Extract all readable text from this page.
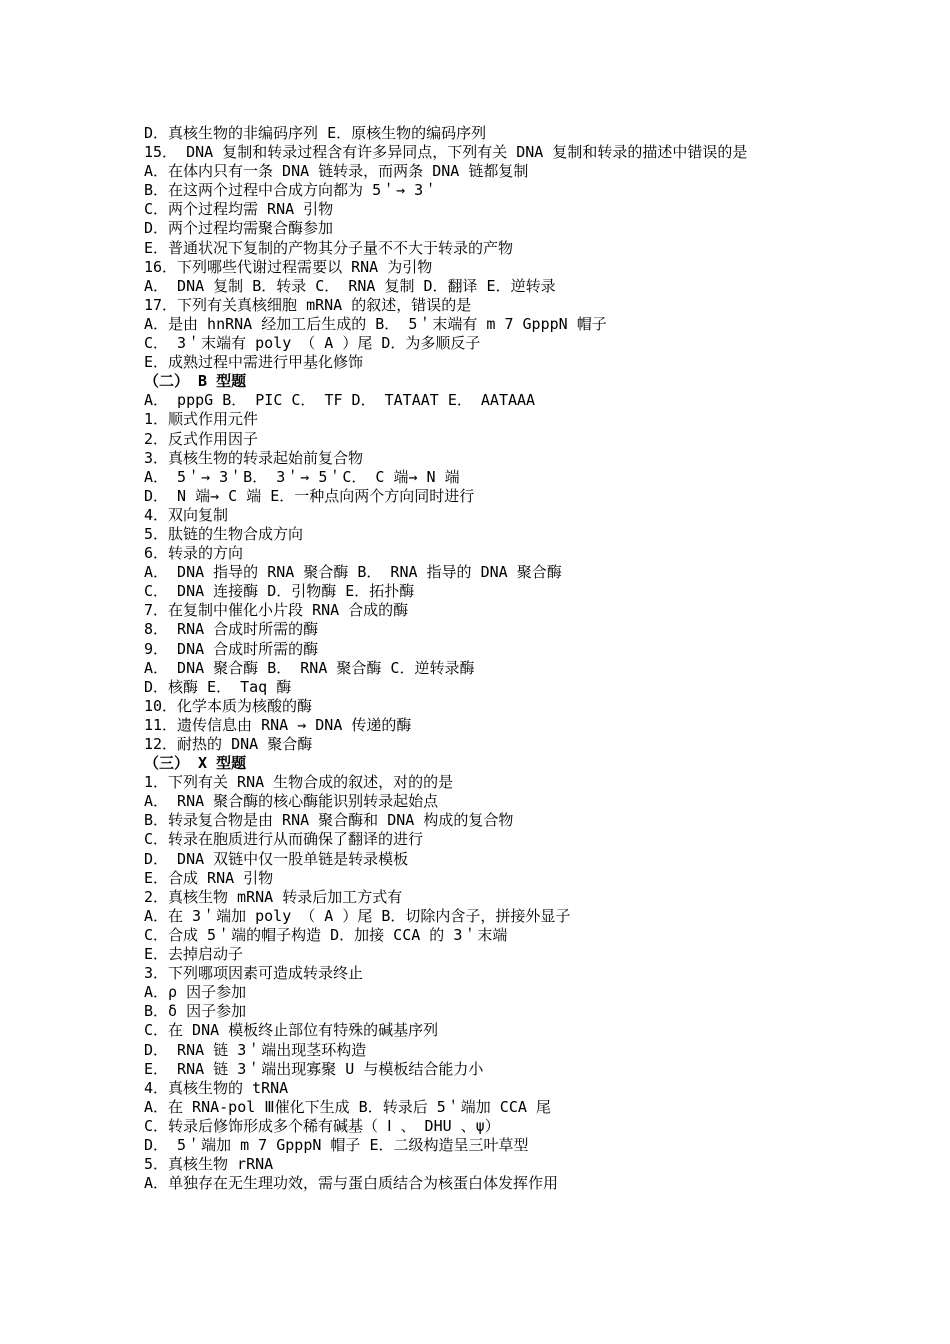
D．真核生物的非编码序列 E．原核生物的编码序列
15． DNA 复制和转录过程含有许多异同点，下列有关 DNA 复制和转录的描述中错误的是
A．在体内只有一条 DNA 链转录，而两条 DNA 链都复制
B．在这两个过程中合成方向都为 5＇→ 3＇
C．两个过程均需 RNA 引物
D．两个过程均需聚合酶参加
E．普通状况下复制的产物其分子量不不大于转录的产物
16．下列哪些代谢过程需要以 RNA 为引物
A． DNA 复制 B．转录 C． RNA 复制 D．翻译 E．逆转录
17．下列有关真核细胞 mRNA 的叙述，错误的是
A．是由 hnRNA 经加工后生成的 B． 5＇末端有 m 7 GpppN 帽子
C． 3＇末端有 poly （ A ）尾 D．为多顺反子
E．成熟过程中需进行甲基化修饰
（二） B 型题
A． pppG B． PIC C． TF D． TATAAT E． AATAAA
1．顺式作用元件
2．反式作用因子
3．真核生物的转录起始前复合物
A． 5＇→ 3＇B． 3＇→ 5＇C． C 端→ N 端
D． N 端→ C 端 E．一种点向两个方向同时进行
4．双向复制
5．肽链的生物合成方向
6．转录的方向
A． DNA 指导的 RNA 聚合酶 B． RNA 指导的 DNA 聚合酶
C． DNA 连接酶 D．引物酶 E．拓扑酶
7．在复制中催化小片段 RNA 合成的酶
8． RNA 合成时所需的酶
9． DNA 合成时所需的酶
A． DNA 聚合酶 B． RNA 聚合酶 C．逆转录酶
D．核酶 E． Taq 酶
10．化学本质为核酸的酶
11．遗传信息由 RNA → DNA 传递的酶
12．耐热的 DNA 聚合酶
（三） X 型题
1．下列有关 RNA 生物合成的叙述，对的的是
A． RNA 聚合酶的核心酶能识别转录起始点
B．转录复合物是由 RNA 聚合酶和 DNA 构成的复合物
C．转录在胞质进行从而确保了翻译的进行
D． DNA 双链中仅一股单链是转录模板
E．合成 RNA 引物
2．真核生物 mRNA 转录后加工方式有
A．在 3＇端加 poly （ A ）尾 B．切除内含子，拼接外显子
C．合成 5＇端的帽子构造 D．加接 CCA 的 3＇末端
E．去掉启动子
3．下列哪项因素可造成转录终止
A．ρ 因子参加
B．δ 因子参加
C．在 DNA 模板终止部位有特殊的碱基序列
D． RNA 链 3＇端出现茎环构造
E． RNA 链 3＇端出现寡聚 U 与模板结合能力小
4．真核生物的 tRNA
A．在 RNA-pol Ⅲ催化下生成 B．转录后 5＇端加 CCA 尾
C．转录后修饰形成多个稀有碱基（ Ⅰ 、 DHU 、ψ）
D． 5＇端加 m 7 GpppN 帽子 E．二级构造呈三叶草型
5．真核生物 rRNA
A．单独存在无生理功效，需与蛋白质结合为核蛋白体发挥作用
